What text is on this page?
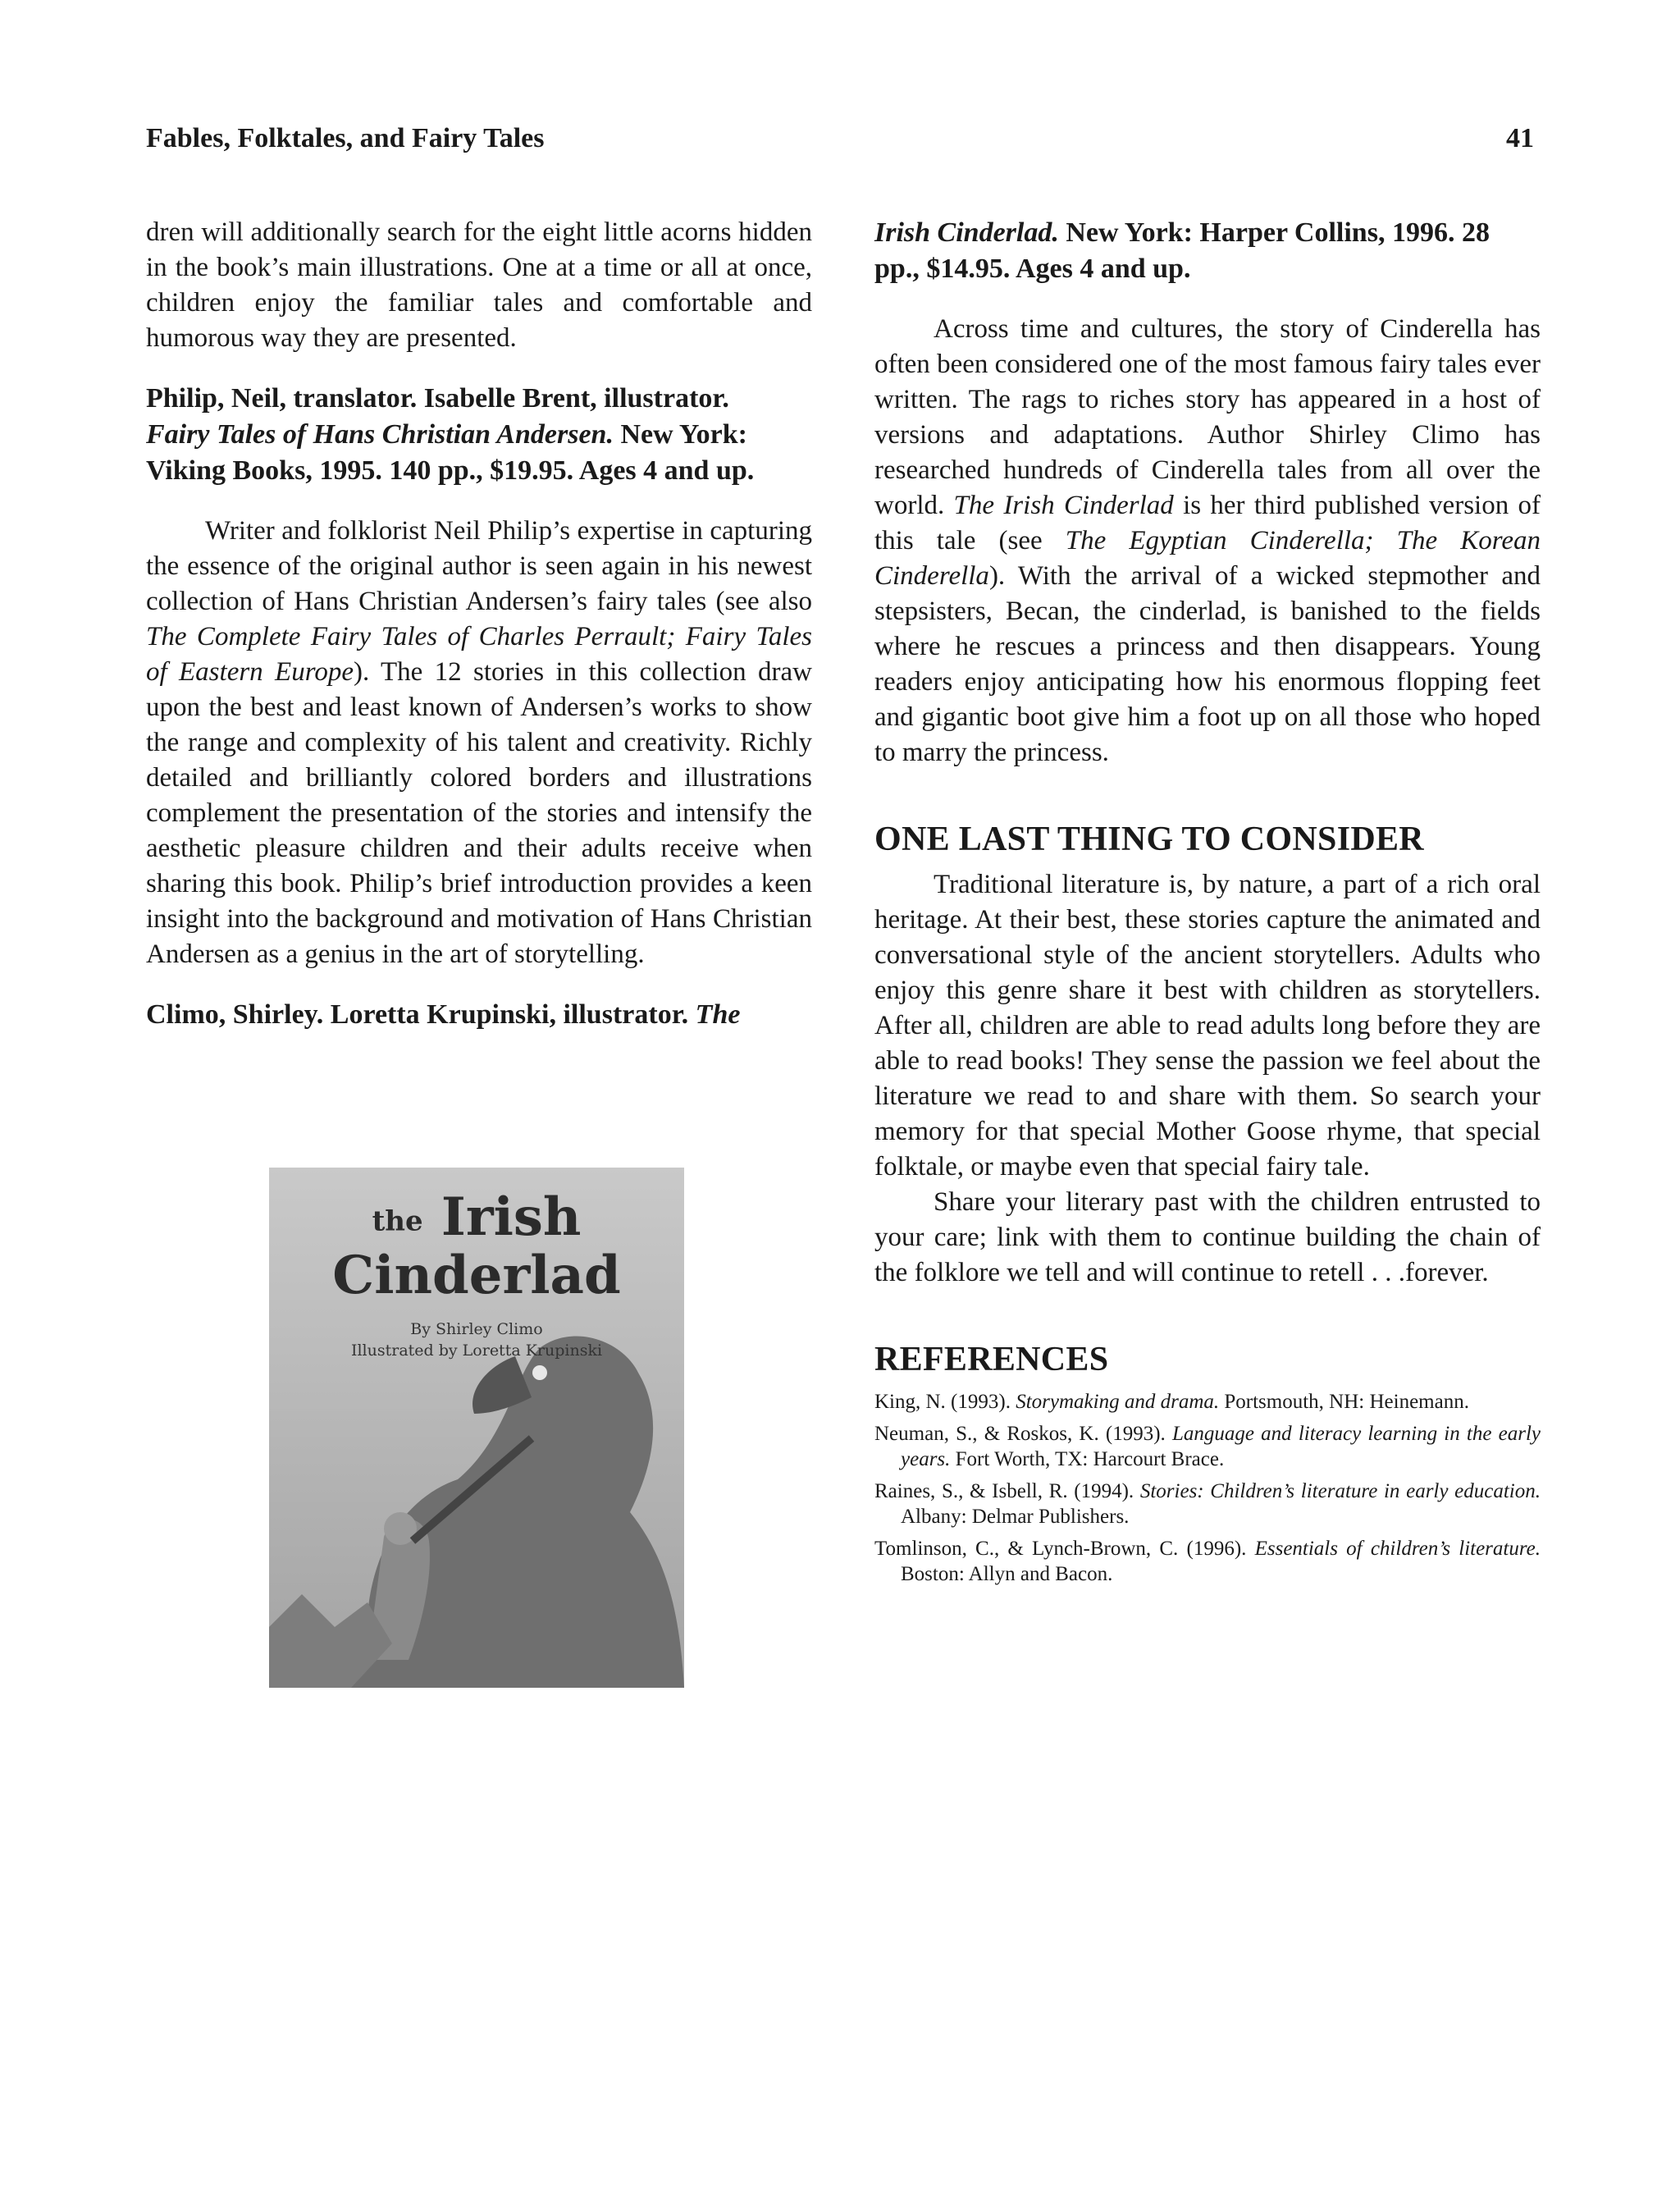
Fables, Folktales, and Fairy Tales	41

dren will additionally search for the eight little acorns hidden in the book’s main illustrations. One at a time or all at once, children enjoy the familiar tales and comfortable and humorous way they are presented.

Philip, Neil, translator. Isabelle Brent, illustrator.
Fairy Tales of Hans Christian Andersen. New York:
Viking Books, 1995. 140 pp., $19.95. Ages 4 and up.

Writer and folklorist Neil Philip’s expertise in capturing the essence of the original author is seen again in his newest collection of Hans Christian Andersen’s fairy tales (see also The Complete Fairy Tales of Charles Perrault; Fairy Tales of Eastern Europe). The 12 stories in this collection draw upon the best and least known of Andersen’s works to show the range and complexity of his talent and creativity. Richly detailed and brilliantly colored borders and illustrations complement the presentation of the stories and intensify the aesthetic pleasure children and their adults receive when sharing this book. Philip’s brief introduction provides a keen insight into the background and motivation of Hans Christian Andersen as a genius in the art of storytelling.

Climo, Shirley. Loretta Krupinski, illustrator. The

the Irish
Cinderlad
By Shirley Climo
Illustrated by Loretta Krupinski

Irish Cinderlad. New York: Harper Collins, 1996. 28 pp., $14.95. Ages 4 and up.

Across time and cultures, the story of Cinderella has often been considered one of the most famous fairy tales ever written. The rags to riches story has appeared in a host of versions and adaptations. Author Shirley Climo has researched hundreds of Cinderella tales from all over the world. The Irish Cinderlad is her third published version of this tale (see The Egyptian Cinderella; The Korean Cinderella). With the arrival of a wicked stepmother and stepsisters, Becan, the cinderlad, is banished to the fields where he rescues a princess and then disappears. Young readers enjoy anticipating how his enormous flopping feet and gigantic boot give him a foot up on all those who hoped to marry the princess.

ONE LAST THING TO CONSIDER

Traditional literature is, by nature, a part of a rich oral heritage. At their best, these stories capture the animated and conversational style of the ancient storytellers. Adults who enjoy this genre share it best with children as storytellers. After all, children are able to read adults long before they are able to read books! They sense the passion we feel about the literature we read to and share with them. So search your memory for that special Mother Goose rhyme, that special folktale, or maybe even that special fairy tale.

Share your literary past with the children entrusted to your care; link with them to continue building the chain of the folklore we tell and will continue to retell . . .forever.

REFERENCES

King, N. (1993). Storymaking and drama. Portsmouth, NH: Heinemann.

Neuman, S., & Roskos, K. (1993). Language and literacy learning in the early years. Fort Worth, TX: Harcourt Brace.

Raines, S., & Isbell, R. (1994). Stories: Children’s literature in early education. Albany: Delmar Publishers.

Tomlinson, C., & Lynch-Brown, C. (1996). Essentials of children’s literature. Boston: Allyn and Bacon.
